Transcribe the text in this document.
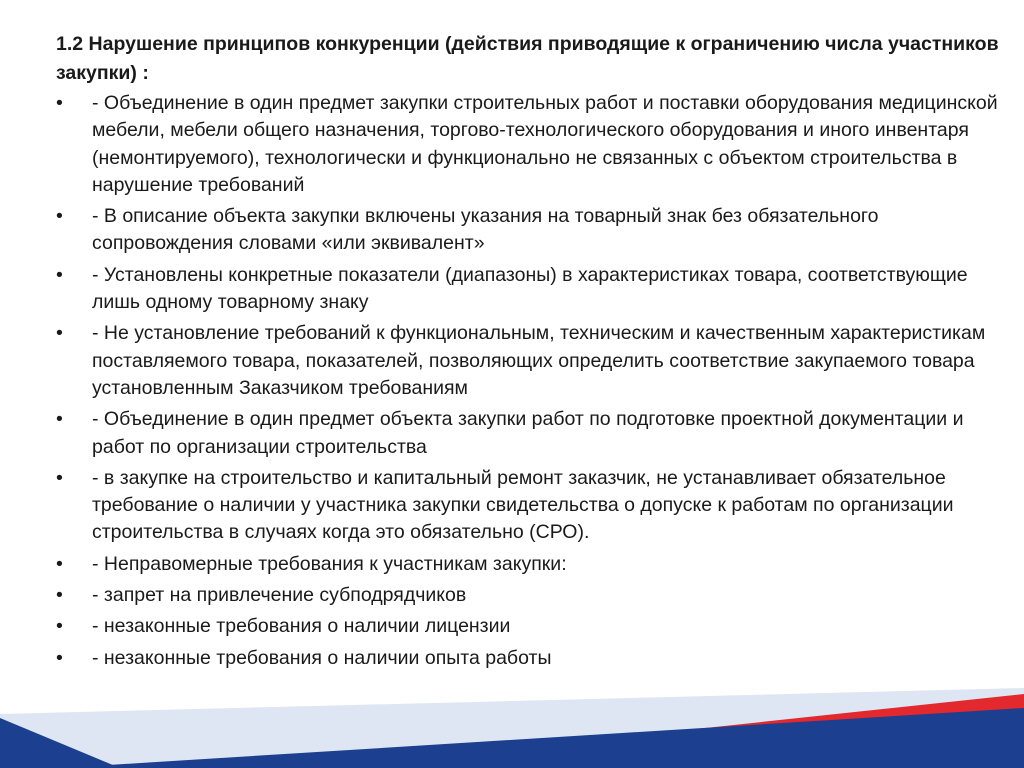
1.2 Нарушение принципов конкуренции (действия приводящие к ограничению числа участников закупки) :
• - Объединение в один предмет закупки строительных работ и поставки оборудования медицинской мебели, мебели общего назначения, торгово-технологического оборудования и иного инвентаря (немонтируемого), технологически и функционально не связанных с объектом строительства в нарушение требований
• - В описание объекта закупки включены указания на товарный знак без обязательного сопровождения словами «или эквивалент»
• - Установлены конкретные показатели (диапазоны) в характеристиках товара, соответствующие лишь одному товарному знаку
• - Не установление требований к функциональным, техническим и качественным характеристикам поставляемого товара, показателей, позволяющих определить соответствие закупаемого товара установленным Заказчиком требованиям
• - Объединение в один предмет объекта закупки работ по подготовке проектной документации и работ по организации строительства
• - в закупке на строительство и капитальный ремонт заказчик, не устанавливает обязательное требование о наличии у участника закупки свидетельства о допуске к работам по организации строительства в случаях когда это обязательно (СРО).
• - Неправомерные требования к участникам закупки:
• - запрет на привлечение субподрядчиков
• - незаконные требования о наличии лицензии
• - незаконные требования о наличии опыта работы
